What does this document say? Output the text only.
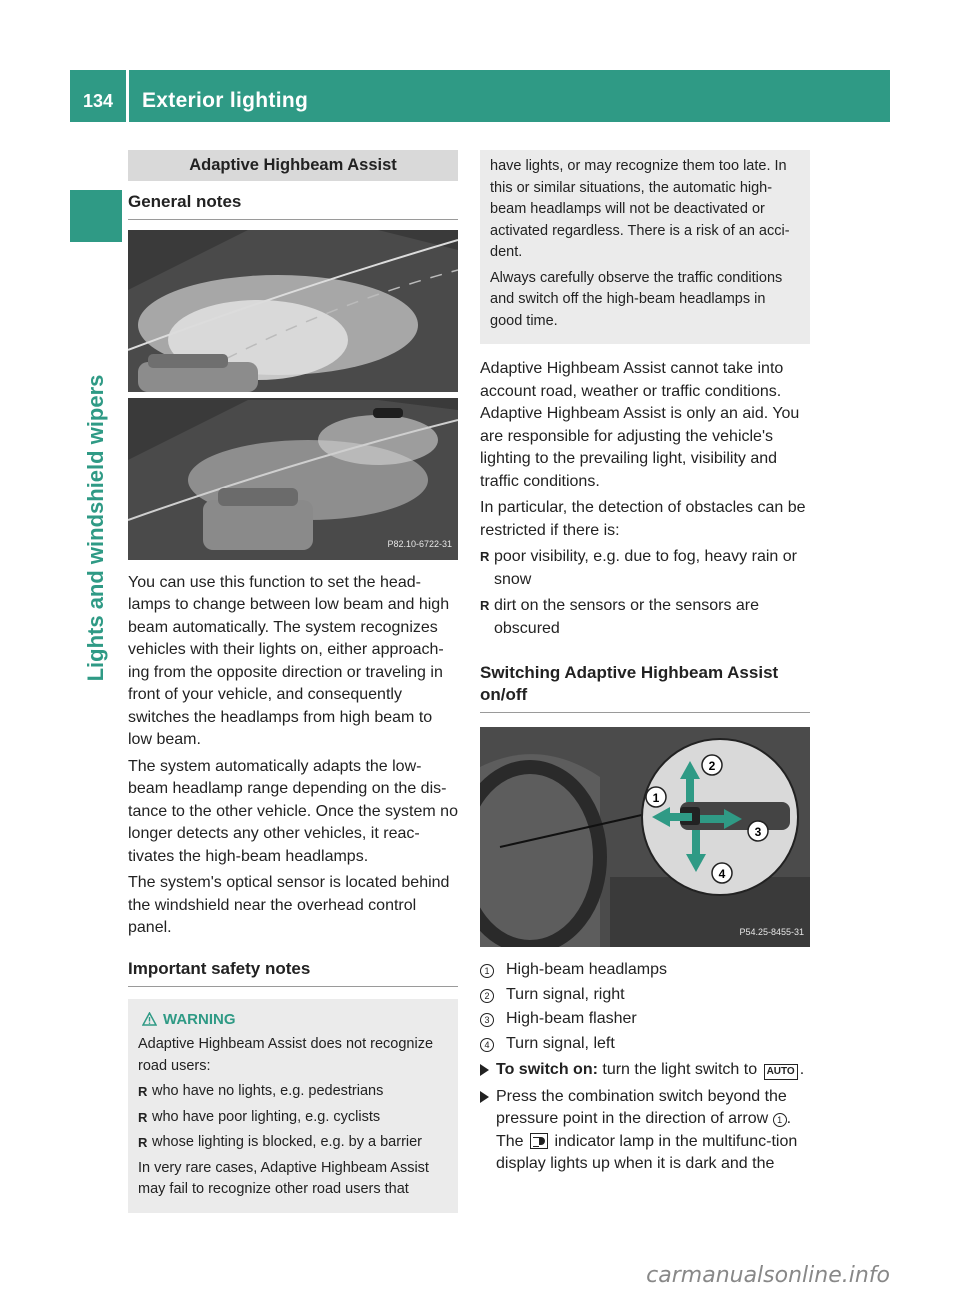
134	Exterior lighting
Lights and windshield wipers
Adaptive Highbeam Assist
General notes
P82.10-6722-31

You can use this function to set the head-lamps to change between low beam and high beam automatically. The system recognizes vehicles with their lights on, either approach-ing from the opposite direction or traveling in front of your vehicle, and consequently switches the headlamps from high beam to low beam.

The system automatically adapts the low-beam headlamp range depending on the dis-tance to the other vehicle. Once the system no longer detects any other vehicles, it reac-tivates the high-beam headlamps.

The system's optical sensor is located behind the windshield near the overhead control panel.

Important safety notes
WARNING
Adaptive Highbeam Assist does not recognize road users:
R who have no lights, e.g. pedestrians
R who have poor lighting, e.g. cyclists
R whose lighting is blocked, e.g. by a barrier
In very rare cases, Adaptive Highbeam Assist may fail to recognize other road users that
have lights, or may recognize them too late. In this or similar situations, the automatic high-beam headlamps will not be deactivated or activated regardless. There is a risk of an acci-dent.
Always carefully observe the traffic conditions and switch off the high-beam headlamps in good time.

Adaptive Highbeam Assist cannot take into account road, weather or traffic conditions. Adaptive Highbeam Assist is only an aid. You are responsible for adjusting the vehicle's lighting to the prevailing light, visibility and traffic conditions.

In particular, the detection of obstacles can be restricted if there is:

R poor visibility, e.g. due to fog, heavy rain or snow
R dirt on the sensors or the sensors are obscured
Switching Adaptive Highbeam Assist on/off
1
2
3
4
P54.25-8455-31
1 High-beam headlamps
2 Turn signal, right
3 High-beam flasher
4 Turn signal, left
To switch on: turn the light switch to AUTO .
Press the combination switch beyond the pressure point in the direction of arrow 1 .
The  indicator lamp in the multifunc-tion display lights up when it is dark and the
carmanualsonline.info
